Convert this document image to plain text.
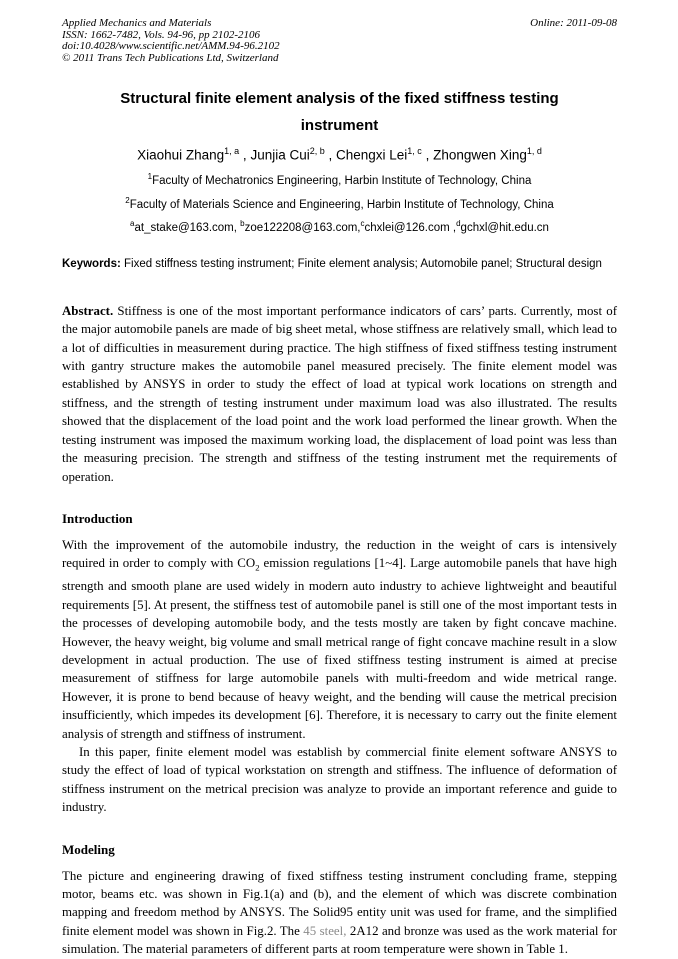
Applied Mechanics and Materials
ISSN: 1662-7482, Vols. 94-96, pp 2102-2106
doi:10.4028/www.scientific.net/AMM.94-96.2102
© 2011 Trans Tech Publications Ltd, Switzerland
Online: 2011-09-08
Structural finite element analysis of the fixed stiffness testing instrument
Xiaohui Zhang$^{1, a}$ , Junjia Cui$^{2, b}$ , Chengxi Lei$^{1, c}$ , Zhongwen Xing$^{1, d}$
$^1$Faculty of Mechatronics Engineering, Harbin Institute of Technology, China
$^2$Faculty of Materials Science and Engineering, Harbin Institute of Technology, China
$^a$at_stake@163.com, $^b$zoe122208@163.com,$^c$chxlei@126.com ,$^d$gchxl@hit.edu.cn
Keywords: Fixed stiffness testing instrument; Finite element analysis; Automobile panel; Structural design
Abstract. Stiffness is one of the most important performance indicators of cars’ parts. Currently, most of the major automobile panels are made of big sheet metal, whose stiffness are relatively small, which lead to a lot of difficulties in measurement during practice. The high stiffness of fixed stiffness testing instrument with gantry structure makes the automobile panel measured precisely. The finite element model was established by ANSYS in order to study the effect of load at typical work locations on strength and stiffness, and the strength of testing instrument under maximum load was also illustrated. The results showed that the displacement of the load point and the work load performed the linear growth. When the testing instrument was imposed the maximum working load, the displacement of load point was less than the measuring precision. The strength and stiffness of the testing instrument met the requirements of operation.
Introduction

With the improvement of the automobile industry, the reduction in the weight of cars is intensively required in order to comply with $CO_2$ emission regulations [1~4]. Large automobile panels that have high strength and smooth plane are used widely in modern auto industry to achieve lightweight and beautiful requirements [5]. At present, the stiffness test of automobile panel is still one of the most important tests in the processes of developing automobile body, and the tests mostly are taken by fight concave machine. However, the heavy weight, big volume and small metrical range of fight concave machine result in a slow development in actual production. The use of fixed stiffness testing instrument is aimed at precise measurement of stiffness for large automobile panels with multi-freedom and wide metrical range. However, it is prone to bend because of heavy weight, and the bending will cause the metrical precision insufficiently, which impedes its development [6]. Therefore, it is necessary to carry out the finite element analysis of strength and stiffness of instrument.

In this paper, finite element model was establish by commercial finite element software ANSYS to study the effect of load of typical workstation on strength and stiffness. The influence of deformation of stiffness instrument on the metrical precision was analyze to provide an important reference and guide to industry.

Modeling

The picture and engineering drawing of fixed stiffness testing instrument concluding frame, stepping motor, beams etc. was shown in Fig.1(a) and (b), and the element of which was discrete combination mapping and freedom method by ANSYS. The Solid95 entity unit was used for frame, and the simplified finite element model was shown in Fig.2. The 45 steel, 2A12 and bronze was used as the work material for simulation. The material parameters of different parts at room temperature were shown in Table 1.
